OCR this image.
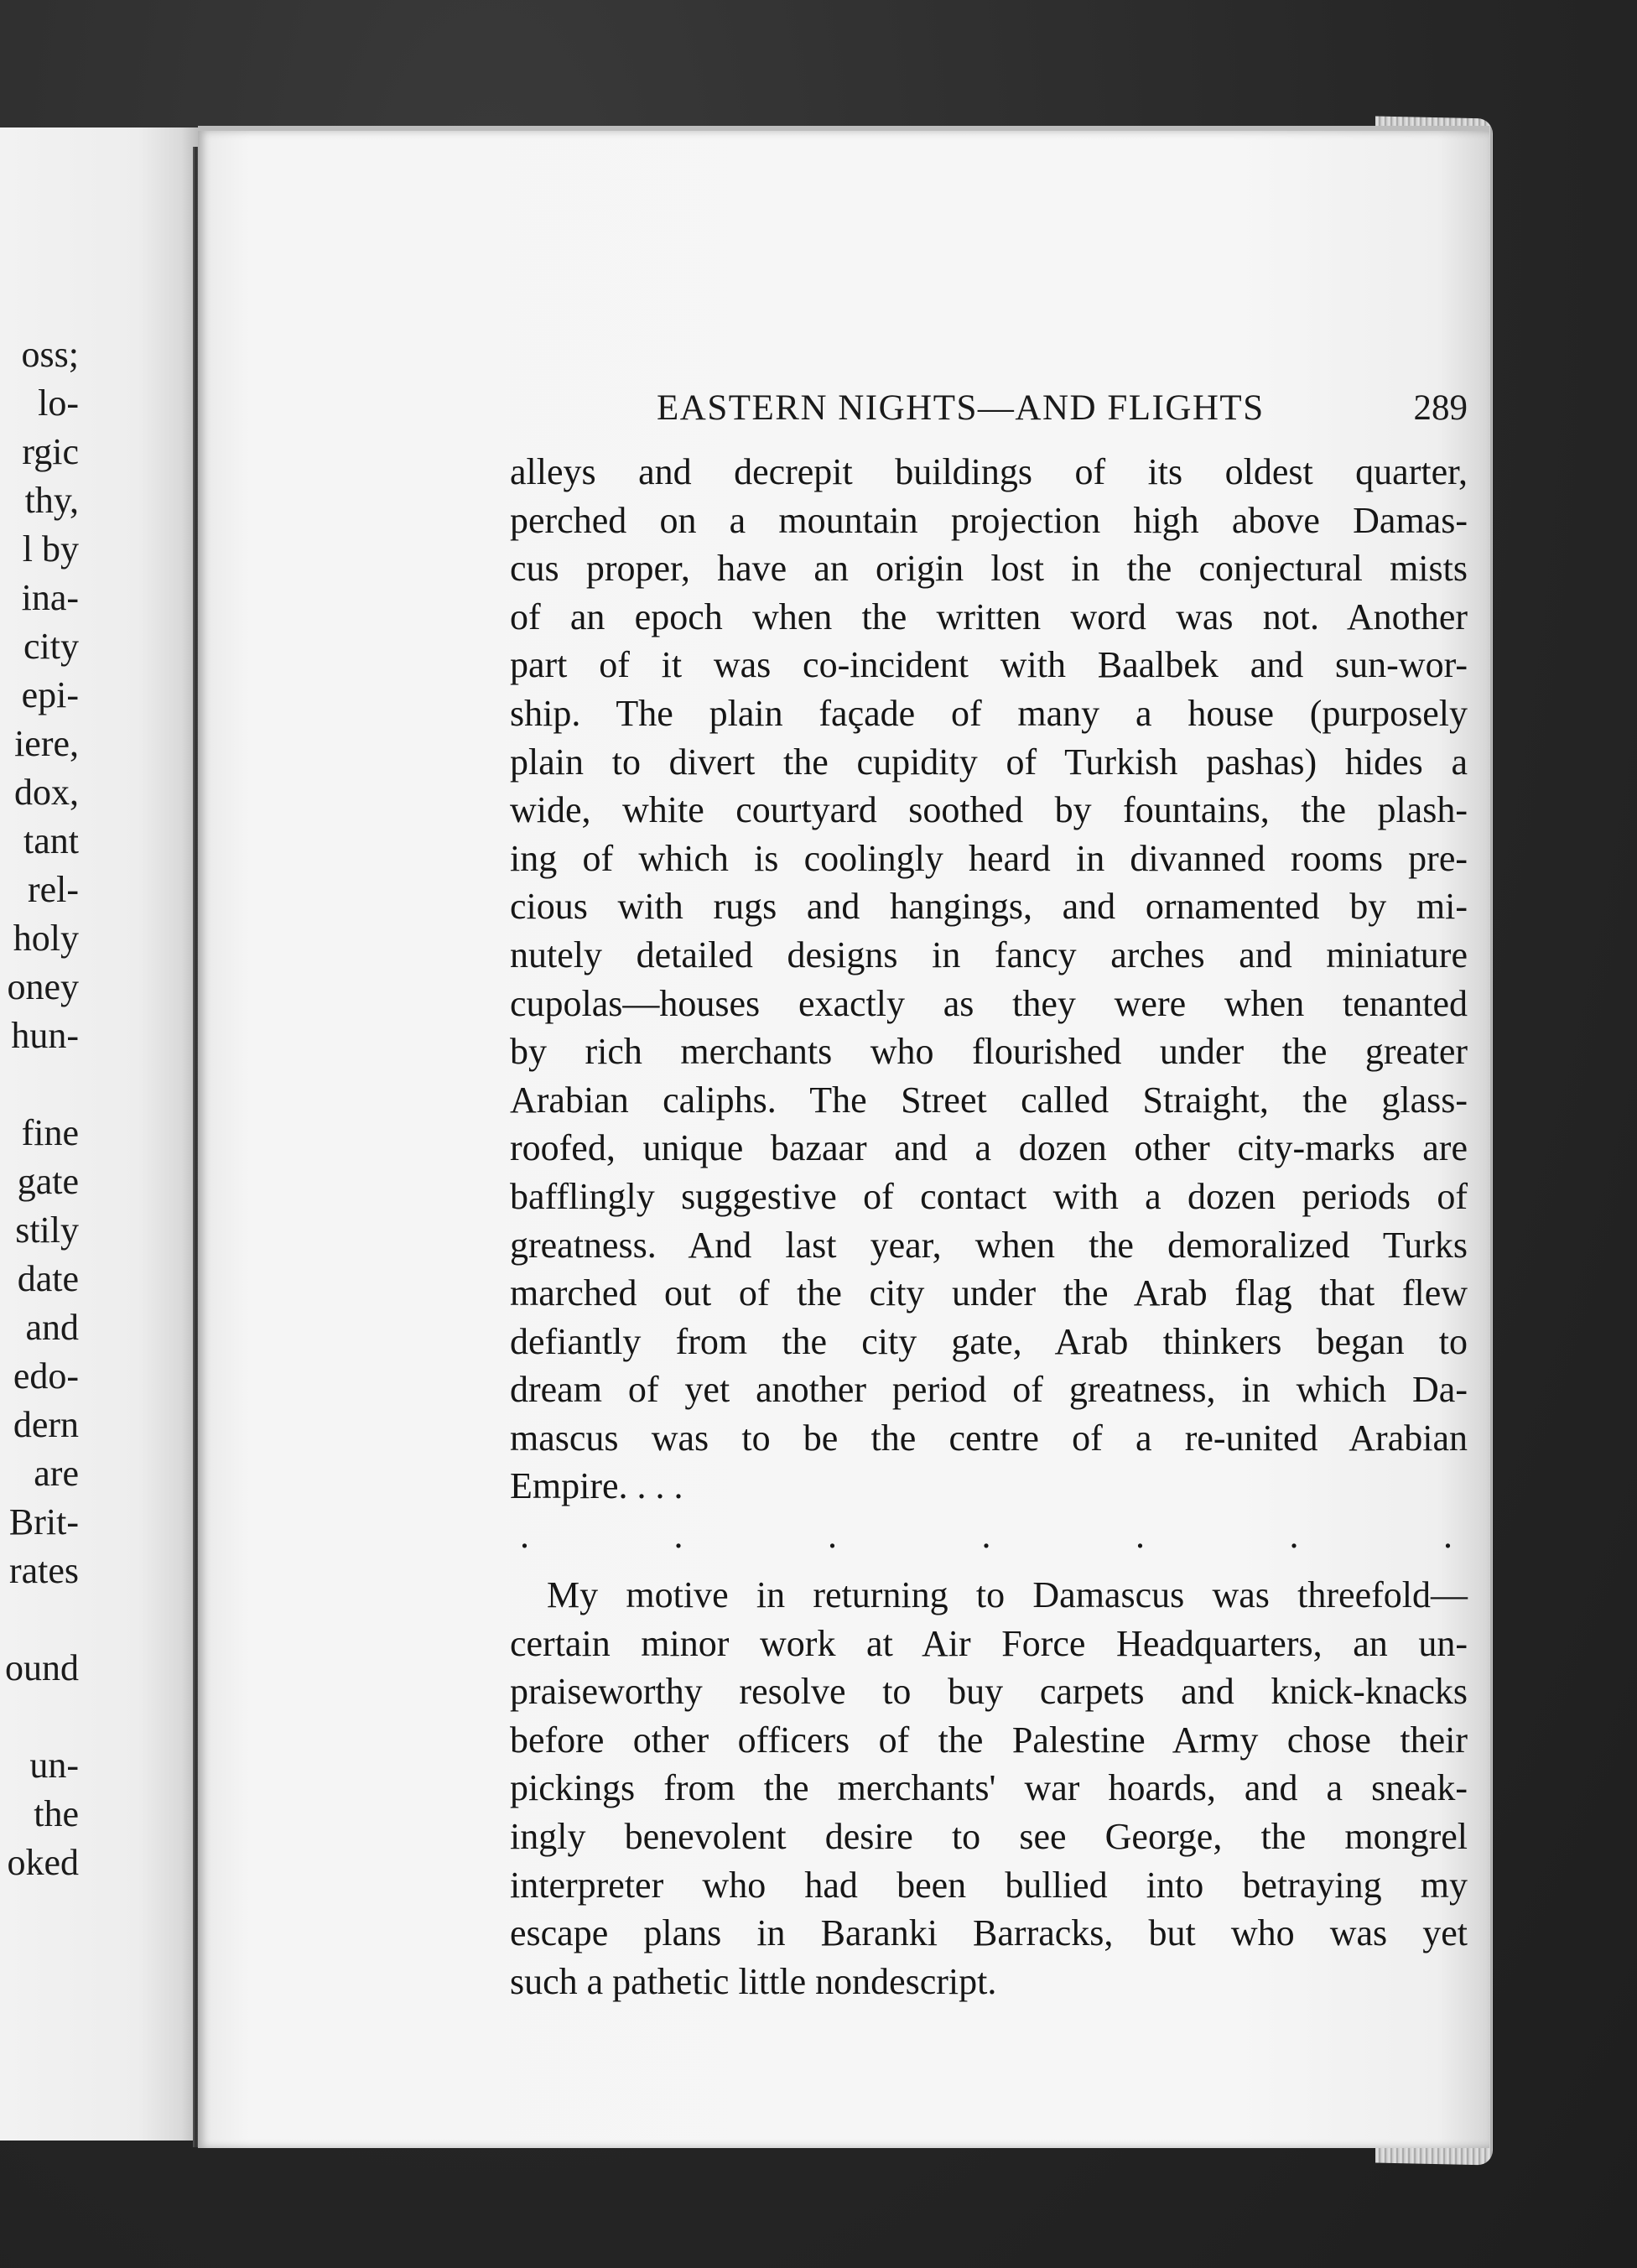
oss;
lo-
rgic
thy,
l by
ina-
city
epi-
iere,
dox,
tant
rel-
holy
oney
hun-
fine
gate
stily
date
and
edo-
dern
are
Brit-
rates
ound
un-
the
oked
EASTERN NIGHTS—AND FLIGHTS	289

alleys and decrepit buildings of its oldest quarter,
perched on a mountain projection high above Damas-
cus proper, have an origin lost in the conjectural mists
of an epoch when the written word was not. Another
part of it was co-incident with Baalbek and sun-wor-
ship. The plain façade of many a house (purposely
plain to divert the cupidity of Turkish pashas) hides a
wide, white courtyard soothed by fountains, the plash-
ing of which is coolingly heard in divanned rooms pre-
cious with rugs and hangings, and ornamented by mi-
nutely detailed designs in fancy arches and miniature
cupolas—houses exactly as they were when tenanted
by rich merchants who flourished under the greater
Arabian caliphs. The Street called Straight, the glass-
roofed, unique bazaar and a dozen other city-marks are
bafflingly suggestive of contact with a dozen periods of
greatness. And last year, when the demoralized Turks
marched out of the city under the Arab flag that flew
defiantly from the city gate, Arab thinkers began to
dream of yet another period of greatness, in which Da-
mascus was to be the centre of a re-united Arabian
Empire. . . .

.	.	.	.	.	.	.

My motive in returning to Damascus was threefold—
certain minor work at Air Force Headquarters, an un-
praiseworthy resolve to buy carpets and knick-knacks
before other officers of the Palestine Army chose their
pickings from the merchants' war hoards, and a sneak-
ingly benevolent desire to see George, the mongrel
interpreter who had been bullied into betraying my
escape plans in Baranki Barracks, but who was yet
such a pathetic little nondescript.
